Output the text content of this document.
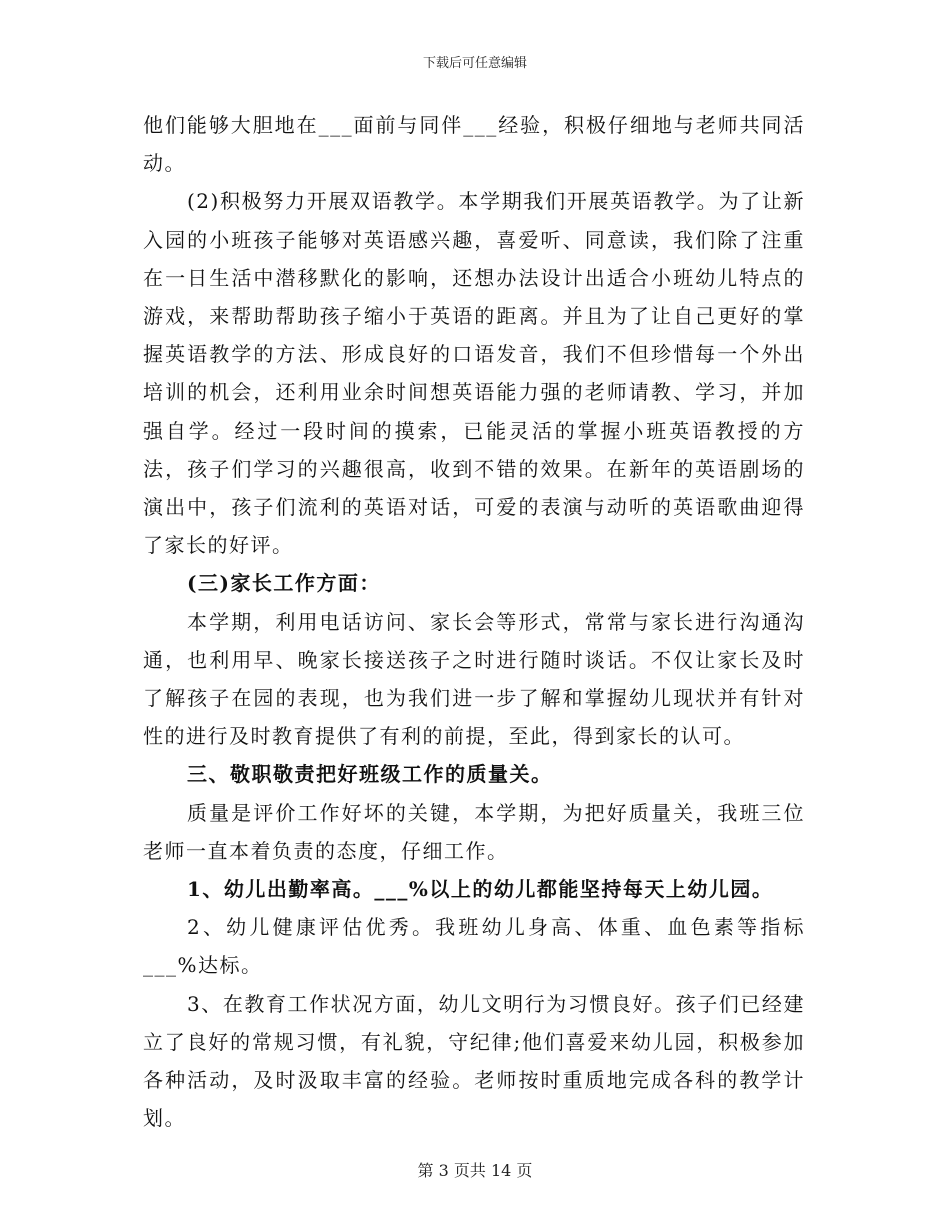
下载后可任意编辑

他们能够大胆地在___面前与同伴___经验，积极仔细地与老师共同活动。

(2)积极努力开展双语教学。本学期我们开展英语教学。为了让新入园的小班孩子能够对英语感兴趣，喜爱听、同意读，我们除了注重在一日生活中潜移默化的影响，还想办法设计出适合小班幼儿特点的游戏，来帮助帮助孩子缩小于英语的距离。并且为了让自己更好的掌握英语教学的方法、形成良好的口语发音，我们不但珍惜每一个外出培训的机会，还利用业余时间想英语能力强的老师请教、学习，并加强自学。经过一段时间的摸索，已能灵活的掌握小班英语教授的方法，孩子们学习的兴趣很高，收到不错的效果。在新年的英语剧场的演出中，孩子们流利的英语对话，可爱的表演与动听的英语歌曲迎得了家长的好评。

(三)家长工作方面：

本学期，利用电话访问、家长会等形式，常常与家长进行沟通沟通，也利用早、晚家长接送孩子之时进行随时谈话。不仅让家长及时了解孩子在园的表现，也为我们进一步了解和掌握幼儿现状并有针对性的进行及时教育提供了有利的前提，至此，得到家长的认可。

三、敬职敬责把好班级工作的质量关。

质量是评价工作好坏的关键，本学期，为把好质量关，我班三位老师一直本着负责的态度，仔细工作。

1、幼儿出勤率高。___%以上的幼儿都能坚持每天上幼儿园。

2、幼儿健康评估优秀。我班幼儿身高、体重、血色素等指标___%达标。

3、在教育工作状况方面，幼儿文明行为习惯良好。孩子们已经建立了良好的常规习惯，有礼貌，守纪律;他们喜爱来幼儿园，积极参加各种活动，及时汲取丰富的经验。老师按时重质地完成各科的教学计划。

第 3 页共 14 页
